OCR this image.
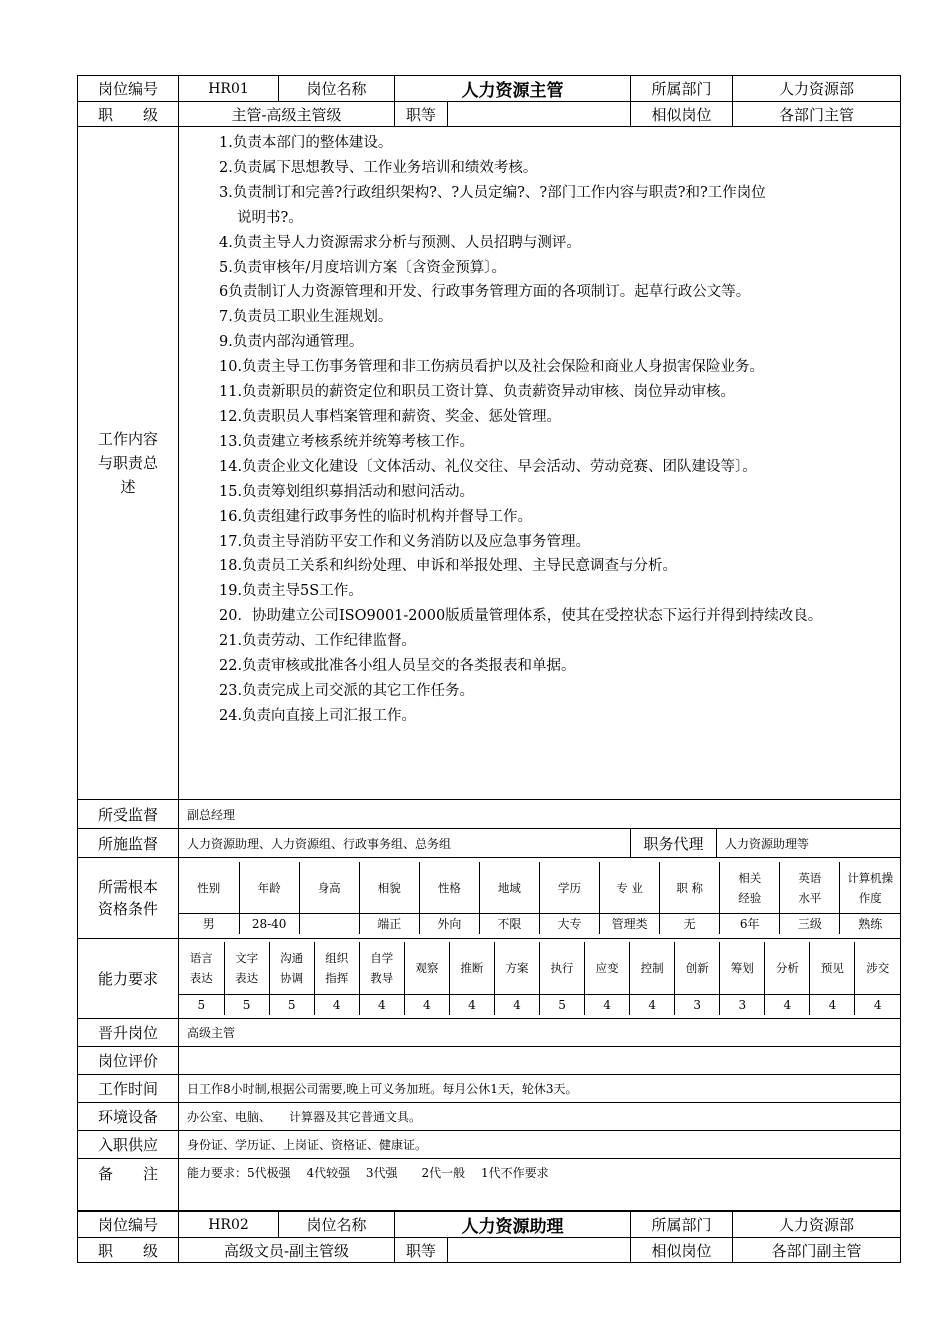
岗位编号	HR01	岗位名称	人力资源主管	所属部门	人力资源部
职　　级	主管-高级主管级	职等		相似岗位	各部门主管
工作内容与职责总述	
1.负责本部门的整体建设。
2.负责属下思想教导、工作业务培训和绩效考核。
3.负责制订和完善?行政组织架构?、?人员定编?、?部门工作内容与职责?和?工作岗位
说明书?。
4.负责主导人力资源需求分析与预测、人员招聘与测评。
5.负责审核年/月度培训方案〔含资金预算〕。
6负责制订人力资源管理和开发、行政事务管理方面的各项制订。起草行政公文等。
7.负责员工职业生涯规划。
9.负责内部沟通管理。
10.负责主导工伤事务管理和非工伤病员看护以及社会保险和商业人身损害保险业务。
11.负责新职员的薪资定位和职员工资计算、负责薪资异动审核、岗位异动审核。
12.负责职员人事档案管理和薪资、奖金、惩处管理。
13.负责建立考核系统并统筹考核工作。
14.负责企业文化建设〔文体活动、礼仪交往、早会活动、劳动竞赛、团队建设等〕。
15.负责筹划组织募捐活动和慰问活动。
16.负责组建行政事务性的临时机构并督导工作。
17.负责主导消防平安工作和义务消防以及应急事务管理。
18.负责员工关系和纠纷处理、申诉和举报处理、主导民意调查与分析。
19.负责主导5S工作。
20．协助建立公司ISO9001-2000版质量管理体系，使其在受控状态下运行并得到持续改良。
21.负责劳动、工作纪律监督。
22.负责审核或批准各小组人员呈交的各类报表和单据。
23.负责完成上司交派的其它工作任务。
24.负责向直接上司汇报工作。

所受监督	副总经理
所施监督	人力资源助理、人力资源组、行政事务组、总务组	职务代理	人力资源助理等
所需根本资格条件	
性别	年龄	身高	相貌	性格	地域	学历	专 业	职 称	相关经验	英语水平	计算机操作度
男	28-40		端正	外向	不限	大专	管理类	无	6年	三级	熟练

能力要求	
语言表达	文字表达	沟通协调	组织指挥	自学教导	观察	推断	方案	执行	应变	控制	创新	筹划	分析	预见	涉交
5	5	5	4	4	4	4	4	5	4	4	3	3	4	4	4

晋升岗位	高级主管
岗位评价	
工作时间	日工作8小时制,根据公司需要,晚上可义务加班。每月公休1天，轮休3天。
环境设备	办公室、电脑、　　计算器及其它普通文具。
入职供应	身份证、学历证、上岗证、资格证、健康证。
备　　注	能力要求：5代极强　 4代较强　 3代强　　2代一般　 1代不作要求
岗位编号	HR02	岗位名称	人力资源助理		所属部门	人力资源部
职　　级	高级文员-副主管级		职等		相似岗位	各部门副主管
